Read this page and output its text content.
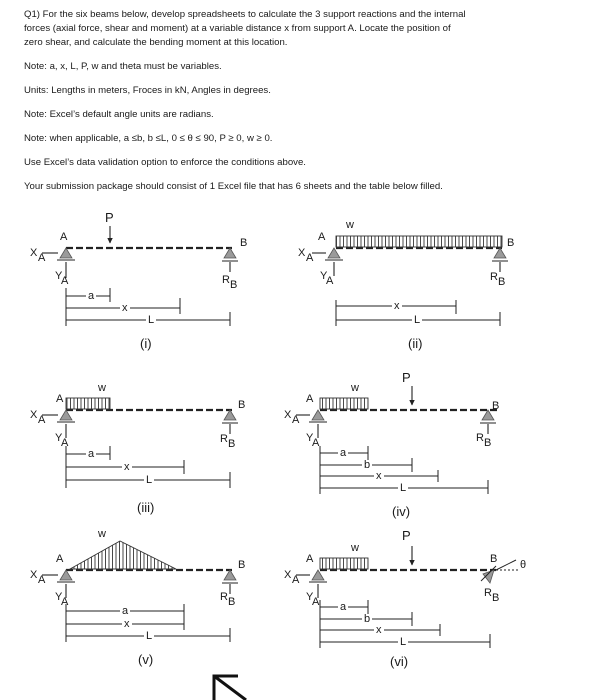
Q1) For the six beams below, develop spreadsheets to calculate the 3 support reactions and the internal
forces (axial force, shear and moment) at a variable distance x from support A. Locate the position of
zero shear, and calculate the bending moment at this location.
Note: a, x, L, P, w and theta must be variables.
Units: Lengths in meters, Froces in kN, Angles in degrees.
Note: Excel’s default angle units are radians.
Note: when applicable, a ≤b, b ≤L, 0 ≤ θ ≤ 90, P ≥ 0, w ≥ 0.
Use Excel’s data validation option to enforce the conditions above.
Your submission package should consist of 1 Excel file that has 6 sheets and the table below filled.
P
A	B
X A
Y
A	R B
a
x
L
(i)
w
A	B
X A
Y
A	R B
x
L
(ii)
w
A	B
X A
Y
A	R B
a
x
L
(iii)
w
P
A
B
X A
Y
A	R B
a
b
x
L
(iv)
w
A	B
X A
Y
A	R B
a
x
L
(v)
w
P
A	B θ
X A
Y
A
R B
a
b
x
L
(vi)
